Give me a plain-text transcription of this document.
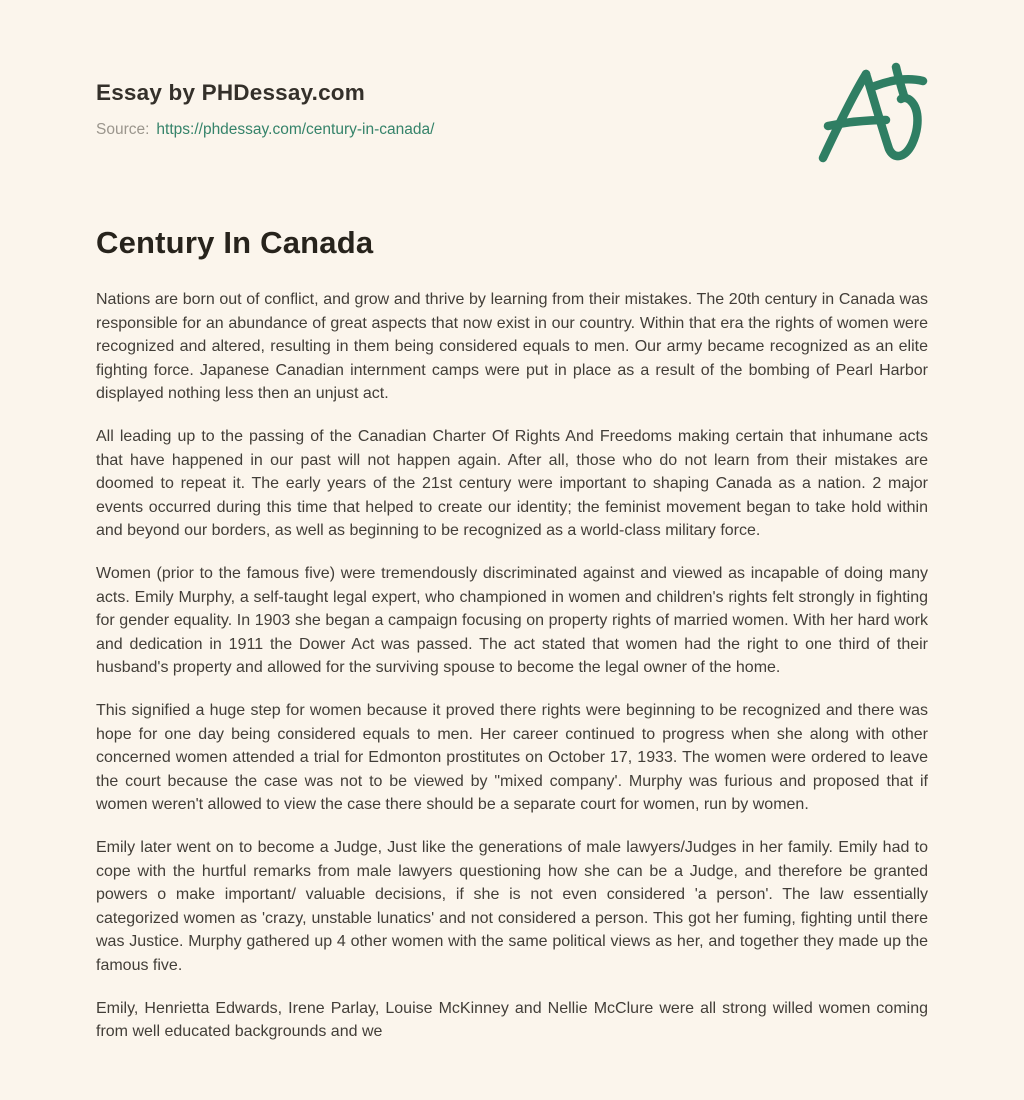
Essay by PHDessay.com

Source: https://phdessay.com/century-in-canada/

Century In Canada

Nations are born out of conflict, and grow and thrive by learning from their mistakes. The 20th century in Canada was responsible for an abundance of great aspects that now exist in our country. Within that era the rights of women were recognized and altered, resulting in them being considered equals to men. Our army became recognized as an elite fighting force. Japanese Canadian internment camps were put in place as a result of the bombing of Pearl Harbor displayed nothing less then an unjust act.

All leading up to the passing of the Canadian Charter Of Rights And Freedoms making certain that inhumane acts that have happened in our past will not happen again. After all, those who do not learn from their mistakes are doomed to repeat it. The early years of the 21st century were important to shaping Canada as a nation. 2 major events occurred during this time that helped to create our identity; the feminist movement began to take hold within and beyond our borders, as well as beginning to be recognized as a world-class military force.

Women (prior to the famous five) were tremendously discriminated against and viewed as incapable of doing many acts. Emily Murphy, a self-taught legal expert, who championed in women and children's rights felt strongly in fighting for gender equality. In 1903 she began a campaign focusing on property rights of married women. With her hard work and dedication in 1911 the Dower Act was passed. The act stated that women had the right to one third of their husband's property and allowed for the surviving spouse to become the legal owner of the home.

This signified a huge step for women because it proved there rights were beginning to be recognized and there was hope for one day being considered equals to men. Her career continued to progress when she along with other concerned women attended a trial for Edmonton prostitutes on October 17, 1933. The women were ordered to leave the court because the case was not to be viewed by "mixed company'. Murphy was furious and proposed that if women weren't allowed to view the case there should be a separate court for women, run by women.

Emily later went on to become a Judge, Just like the generations of male lawyers/Judges in her family. Emily had to cope with the hurtful remarks from male lawyers questioning how she can be a Judge, and therefore be granted powers o make important/ valuable decisions, if she is not even considered 'a person'. The law essentially categorized women as 'crazy, unstable lunatics' and not considered a person. This got her fuming, fighting until there was Justice. Murphy gathered up 4 other women with the same political views as her, and together they made up the famous five.

Emily, Henrietta Edwards, Irene Parlay, Louise McKinney and Nellie McClure were all strong willed women coming from well educated backgrounds and we
